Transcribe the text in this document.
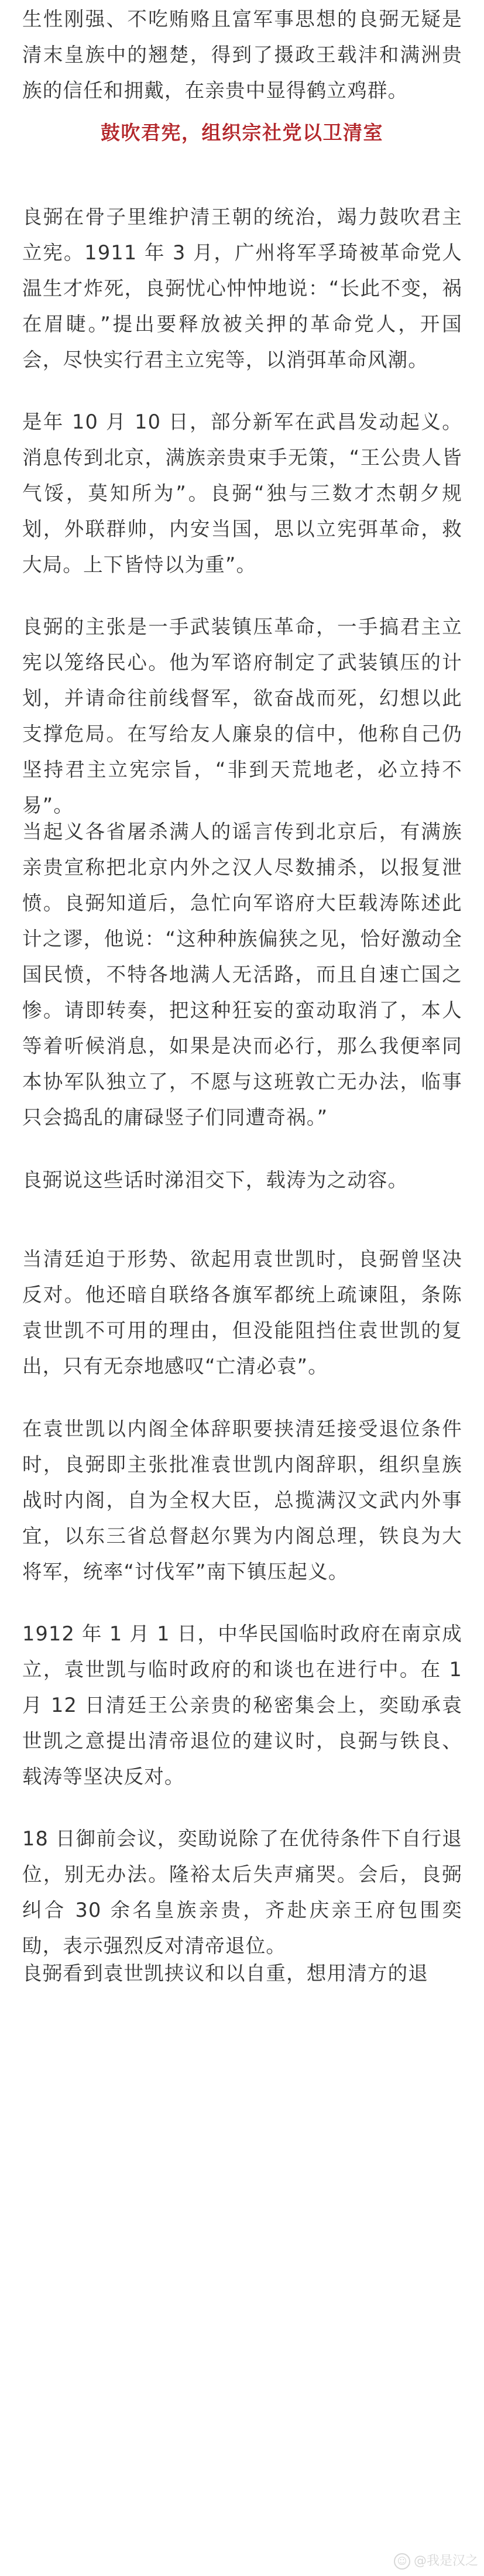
生性刚强、不吃贿赂且富军事思想的良弼无疑是清末皇族中的翘楚，得到了摄政王载沣和满洲贵族的信任和拥戴，在亲贵中显得鹤立鸡群。

鼓吹君宪，组织宗社党以卫清室

良弼在骨子里维护清王朝的统治，竭力鼓吹君主立宪。1911 年 3 月，广州将军孚琦被革命党人温生才炸死，良弼忧心忡忡地说：“长此不变，祸在眉睫。”提出要释放被关押的革命党人，开国会，尽快实行君主立宪等，以消弭革命风潮。

是年 10 月 10 日，部分新军在武昌发动起义。消息传到北京，满族亲贵束手无策，“王公贵人皆气馁，莫知所为”。良弼“独与三数才杰朝夕规划，外联群帅，内安当国，思以立宪弭革命，救大局。上下皆恃以为重”。

良弼的主张是一手武装镇压革命，一手搞君主立宪以笼络民心。他为军谘府制定了武装镇压的计划，并请命往前线督军，欲奋战而死，幻想以此支撑危局。在写给友人廉泉的信中，他称自己仍坚持君主立宪宗旨，“非到天荒地老，必立持不易”。

当起义各省屠杀满人的谣言传到北京后，有满族亲贵宣称把北京内外之汉人尽数捕杀，以报复泄愤。良弼知道后，急忙向军谘府大臣载涛陈述此计之谬，他说：“这种种族偏狭之见，恰好激动全国民愤，不特各地满人无活路，而且自速亡国之惨。请即转奏，把这种狂妄的蛮动取消了，本人等着听候消息，如果是决而必行，那么我便率同本协军队独立了，不愿与这班敦亡无办法，临事只会捣乱的庸碌竖子们同遭奇祸。”

良弼说这些话时涕泪交下，载涛为之动容。

当清廷迫于形势、欲起用袁世凯时，良弼曾坚决反对。他还暗自联络各旗军都统上疏谏阻，条陈袁世凯不可用的理由，但没能阻挡住袁世凯的复出，只有无奈地感叹“亡清必袁”。

在袁世凯以内阁全体辞职要挟清廷接受退位条件时，良弼即主张批准袁世凯内阁辞职，组织皇族战时内阁，自为全权大臣，总揽满汉文武内外事宜，以东三省总督赵尔巽为内阁总理，铁良为大将军，统率“讨伐军”南下镇压起义。

1912 年 1 月 1 日，中华民国临时政府在南京成立，袁世凯与临时政府的和谈也在进行中。在 1 月 12 日清廷王公亲贵的秘密集会上，奕劻承袁世凯之意提出清帝退位的建议时，良弼与铁良、载涛等坚决反对。

18 日御前会议，奕劻说除了在优待条件下自行退位，别无办法。隆裕太后失声痛哭。会后，良弼纠合 30 余名皇族亲贵，齐赴庆亲王府包围奕劻，表示强烈反对清帝退位。

良弼看到袁世凯挟议和以自重，想用清方的退

☺ @我是汉之
